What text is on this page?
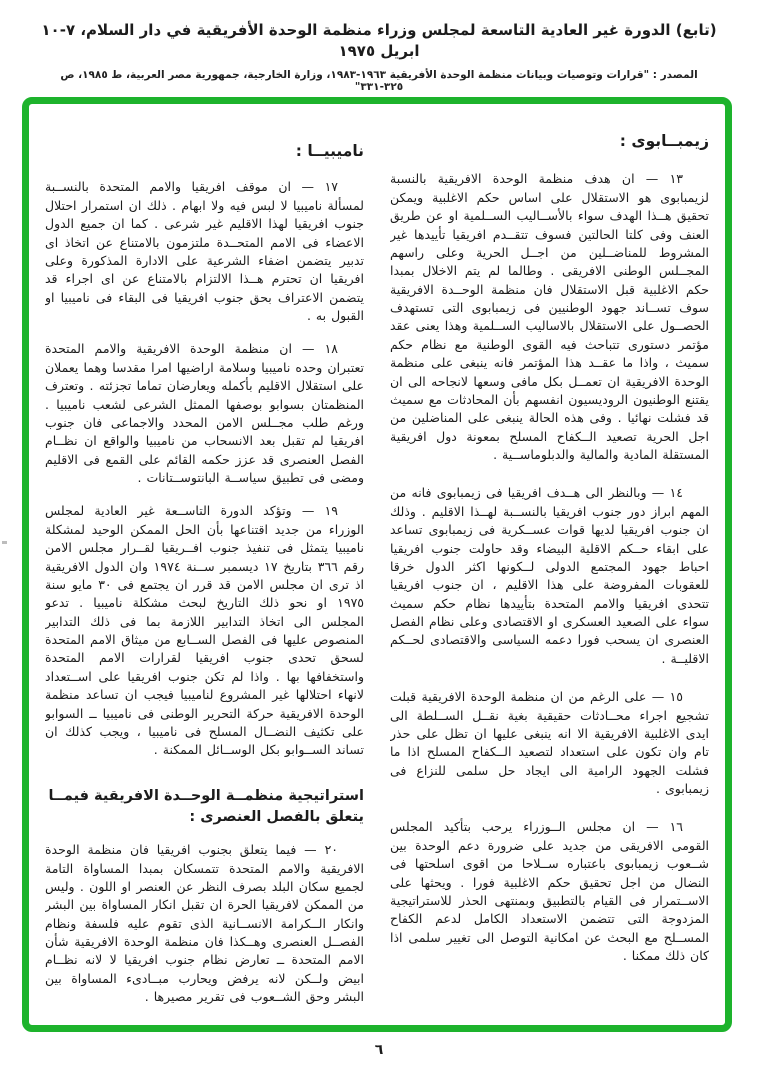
(تابع) الدورة غير العادية التاسعة لمجلس وزراء منظمة الوحدة الأفريقية في دار السلام، ٧-١٠ ابريل ١٩٧٥
المصدر : "قرارات وتوصيات وبيانات منظمة الوحدة الأفريقية ١٩٦٣-١٩٨٣، وزارة الخارجية، جمهورية مصر العربية، ط ١٩٨٥، ص ٣٢٥-٣٣١"
زيمبــابوى :

١٣ — ان هدف منظمة الوحدة الافريقية بالنسبة لزيمبابوى هو الاستقلال على اساس حكم الاغلبية ويمكن تحقيق هــذا الهدف سواء بالأســاليب الســلمية او عن طريق العنف وفى كلتا الحالتين فسوف تتقــدم افريقيا تأييدها غير المشروط للمناضــلين من اجــل الحرية وعلى راسهم المجــلس الوطنى الافريقى . وطالما لم يتم الاخلال بمبدا حكم الاغلبية قبل الاستقلال فان منظمة الوحــدة الافريقية سوف تســاند جهود الوطنيين فى زيمبابوى التى تستهدف الحصــول على الاستقلال بالاساليب الســلمية وهذا يعنى عقد مؤتمر دستورى تتباحث فيه القوى الوطنية مع نظام حكم سميث ، واذا ما عقــد هذا المؤتمر فانه ينبغى على منظمة الوحدة الافريقية ان تعمــل بكل مافى وسعها لانجاحه الى ان يقتنع الوطنيون الروديسيون انفسهم بأن المحادثات مع سميث قد فشلت نهائيا . وفى هذه الحالة ينبغى على المناضلين من اجل الحرية تصعيد الــكفاح المسلح بمعونة دول افريقية المستقلة المادية والمالية والدبلوماســية .

١٤ — وبالنظر الى هــدف افريقيا فى زيمبابوى فانه من المهم ابراز دور جنوب افريقيا بالنســبة لهــذا الاقليم . وذلك ان جنوب افريقيا لديها قوات عســكرية فى زيمبابوى تساعد على ابقاء حــكم الاقلية البيضاء وقد حاولت جنوب افريقيا احباط جهود المجتمع الدولى لــكونها اكثر الدول خرقا للعقوبات المفروضة على هذا الاقليم ، ان جنوب افريقيا تتحدى افريقيا والامم المتحدة بتأييدها نظام حكم سميث سواء على الصعيد العسكرى او الاقتصادى وعلى نظام الفصل العنصرى ان يسحب فورا دعمه السياسى والاقتصادى لحــكم الاقليــة .

١٥ — على الرغم من ان منظمة الوحدة الافريقية قبلت تشجيع اجراء محــادثات حقيقية بغية نقــل الســلطة الى ايدى الاغلبية الافريقية الا انه ينبغى عليها ان تظل على حذر تام وان تكون على استعداد لتصعيد الــكفاح المسلح اذا ما فشلت الجهود الرامية الى ايجاد حل سلمى للنزاع فى زيمبابوى .

١٦ — ان مجلس الــوزراء يرحب بتأكيد المجلس القومى الافريقى من جديد على ضرورة دعم الوحدة بين شــعوب زيمبابوى باعتباره ســلاحا من اقوى اسلحتها فى النضال من اجل تحقيق حكم الاغلبية فورا . ويحثها على الاســتمرار فى القيام بالتطبيق وبمنتهى الحذر للاستراتيجية المزدوجة التى تتضمن الاستعداد الكامل لدعم الكفاح المســلح مع البحث عن امكانية التوصل الى تغيير سلمى اذا كان ذلك ممكنا .

ناميبيــا :

١٧ — ان موقف افريقيا والامم المتحدة بالنســبة لمسألة ناميبيا لا لبس فيه ولا ابهام . ذلك ان استمرار احتلال جنوب افريقيا لهذا الاقليم غير شرعى . كما ان جميع الدول الاعضاء فى الامم المتحــدة ملتزمون بالامتناع عن اتخاذ اى تدبير يتضمن اضفاء الشرعية على الادارة المذكورة وعلى افريقيا ان تحترم هــذا الالتزام بالامتناع عن اى اجراء قد يتضمن الاعتراف بحق جنوب افريقيا فى البقاء فى ناميبيا او القبول به .

١٨ — ان منظمة الوحدة الافريقية والامم المتحدة تعتبران وحده ناميبيا وسلامة اراضيها امرا مقدسا وهما يعملان على استقلال الاقليم بأكمله ويعارضان تماما تجزئته . وتعترف المنظمتان بسوابو بوصفها الممثل الشرعى لشعب ناميبيا . ورغم طلب مجــلس الامن المحدد والاجماعى فان جنوب افريقيا لم تقبل بعد الانسحاب من ناميبيا والواقع ان نظــام الفصل العنصرى قد عزز حكمه القائم على القمع فى الاقليم ومضى فى تطبيق سياســة البانتوســتانات .

١٩ — وتؤكد الدورة التاســعة غير العادية لمجلس الوزراء من جديد اقتناعها بأن الحل الممكن الوحيد لمشكلة ناميبيا يتمثل فى تنفيذ جنوب افــريقيا لقــرار مجلس الامن رقم ٣٦٦ بتاريخ ١٧ ديسمبر ســنة ١٩٧٤ وان الدول الافريقية اذ ترى ان مجلس الامن قد قرر ان يجتمع فى ٣٠ مايو سنة ١٩٧٥ او نحو ذلك التاريخ لبحث مشكلة ناميبيا . تدعو المجلس الى اتخاذ التدابير اللازمة بما فى ذلك التدابير المنصوص عليها فى الفصل الســابع من ميثاق الامم المتحدة لسحق تحدى جنوب افريقيا لقرارات الامم المتحدة واستخفافها بها . واذا لم تكن جنوب افريقيا على اســتعداد لانهاء احتلالها غير المشروع لناميبيا فيجب ان تساعد منظمة الوحدة الافريقية حركة التحرير الوطنى فى ناميبيا ــ السوابو على تكثيف النضــال المسلح فى ناميبيا ، ويجب كذلك ان تساند الســوابو بكل الوســائل الممكنة .

استراتيجية منظمــة الوحــدة الافريقية فيمــا يتعلق بالفصل العنصرى :

٢٠ — فيما يتعلق بجنوب افريقيا فان منظمة الوحدة الافريقية والامم المتحدة تتمسكان بمبدا المساواة التامة لجميع سكان البلد بصرف النظر عن العنصر او اللون . وليس من الممكن لافريقيا الحرة ان تقبل انكار المساواة بين البشر وانكار الــكرامة الانســانية الذى تقوم عليه فلسفة ونظام الفصــل العنصرى وهــكذا فان منظمة الوحدة الافريقية شأن الامم المتحدة ــ تعارض نظام جنوب افريقيا لا لانه نظــام ابيض ولــكن لانه يرفض ويحارب مبــادىء المساواة بين البشر وحق الشــعوب فى تقرير مصيرها .

٦
